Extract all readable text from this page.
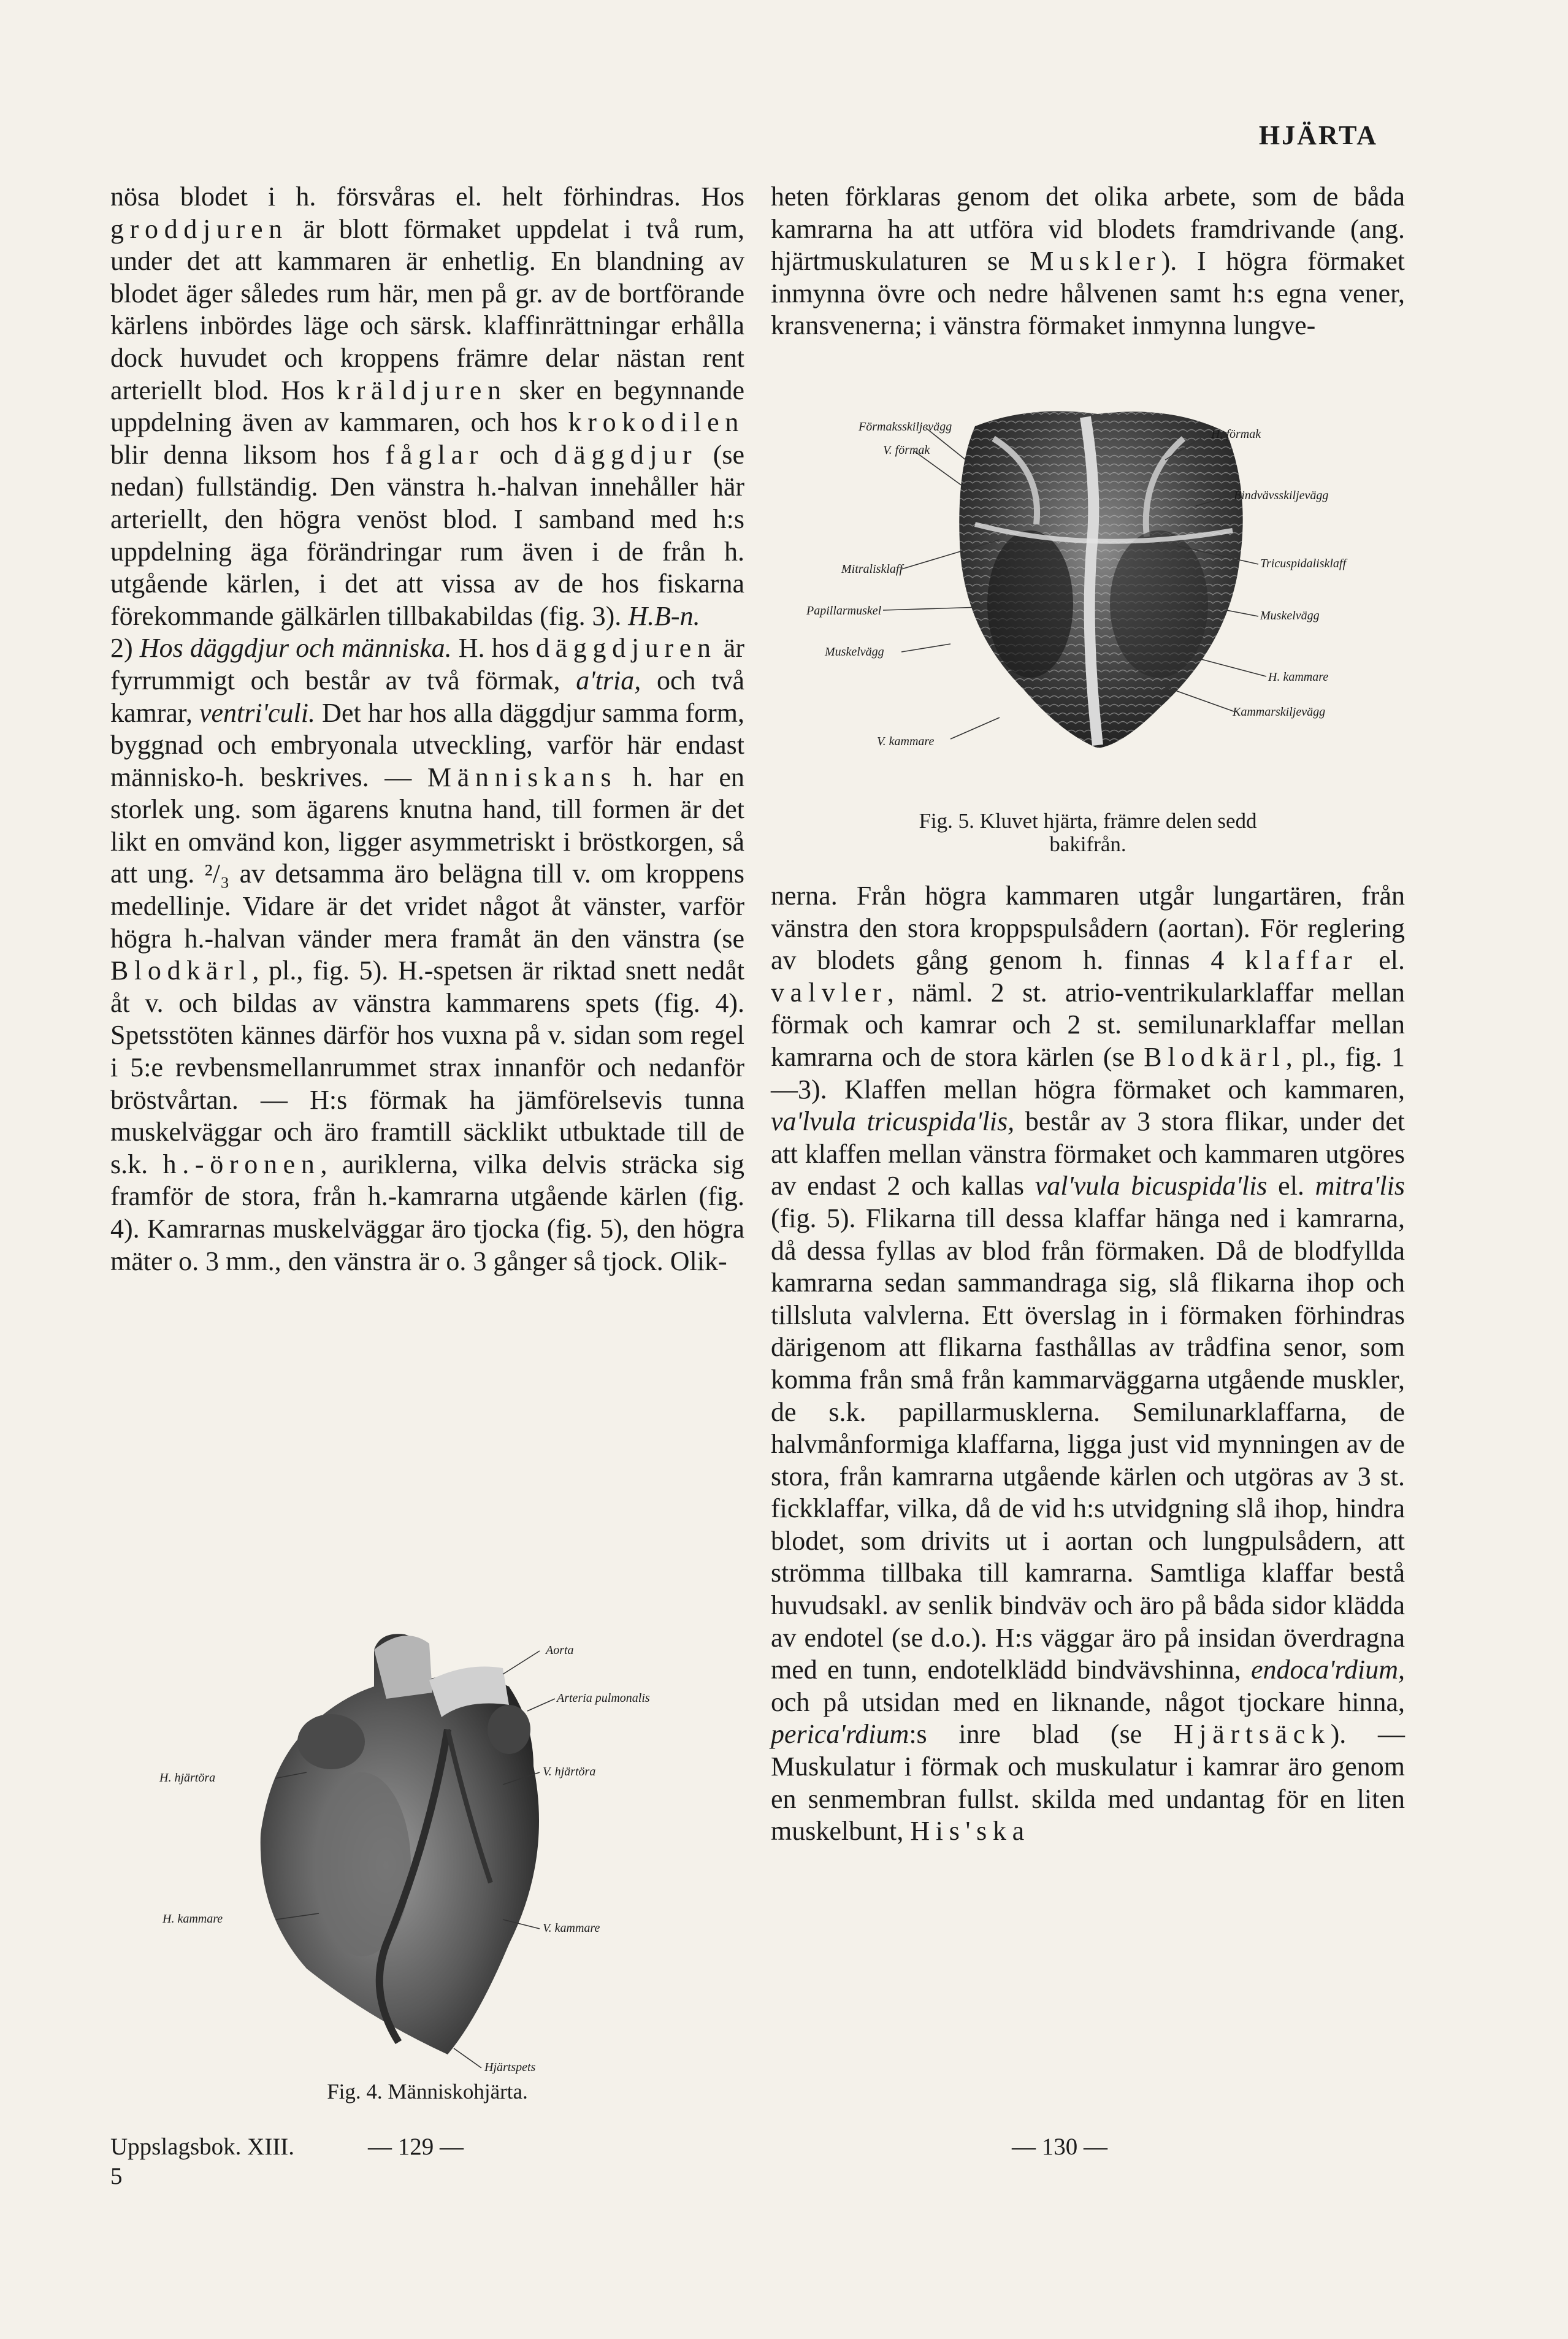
HJÄRTA

nösa blodet i h. försvåras el. helt förhindras. Hos groddjuren är blott förmaket uppdelat i två rum, under det att kammaren är enhetlig. En blandning av blodet äger således rum här, men på gr. av de bortförande kärlens inbördes läge och särsk. klaffinrättningar erhålla dock huvudet och kroppens främre delar nästan rent arteriellt blod. Hos kräldjuren sker en begynnande uppdelning även av kammaren, och hos krokodilen blir denna liksom hos fåglar och däggdjur (se nedan) fullständig. Den vänstra h.-halvan innehåller här arteriellt, den högra venöst blod. I samband med h:s uppdelning äga förändringar rum även i de från h. utgående kärlen, i det att vissa av de hos fiskarna förekommande gälkärlen tillbakabildas (fig. 3). H.B-n.

2) Hos däggdjur och människa. H. hos däggdjuren är fyrrummigt och består av två förmak, a'tria, och två kamrar, ventri'culi. Det har hos alla däggdjur samma form, byggnad och embryonala utveckling, varför här endast människo-h. beskrives. — Människans h. har en storlek ung. som ägarens knutna hand, till formen är det likt en omvänd kon, ligger asymmetriskt i bröstkorgen, så att ung. ²/₃ av detsamma äro belägna till v. om kroppens medellinje. Vidare är det vridet något åt vänster, varför högra h.-halvan vänder mera framåt än den vänstra (se Blodkärl, pl., fig. 5). H.-spetsen är riktad snett nedåt åt v. och bildas av vänstra kammarens spets (fig. 4). Spetsstöten kännes därför hos vuxna på v. sidan som regel i 5:e revbensmellanrummet strax innanför och nedanför bröstvårtan. — H:s förmak ha jämförelsevis tunna muskelväggar och äro framtill säcklikt utbuktade till de s.k. h.-öronen, auriklerna, vilka delvis sträcka sig framför de stora, från h.-kamrarna utgående kärlen (fig. 4). Kamrarnas muskelväggar äro tjocka (fig. 5), den högra mäter o. 3 mm., den vänstra är o. 3 gånger så tjock. Olik-

heten förklaras genom det olika arbete, som de båda kamrarna ha att utföra vid blodets framdrivande (ang. hjärtmuskulaturen se Muskler). I högra förmaket inmynna övre och nedre hålvenen samt h:s egna vener, kransvenerna; i vänstra förmaket inmynna lungve-

nerna. Från högra kammaren utgår lungartären, från vänstra den stora kroppspulsådern (aortan). För reglering av blodets gång genom h. finnas 4 klaffar el. valvler, näml. 2 st. atrio-ventrikularklaffar mellan förmak och kamrar och 2 st. semilunarklaffar mellan kamrarna och de stora kärlen (se Blodkärl, pl., fig. 1—3). Klaffen mellan högra förmaket och kammaren, va'lvula tricuspida'lis, består av 3 stora flikar, under det att klaffen mellan vänstra förmaket och kammaren utgöres av endast 2 och kallas val'vula bicuspida'lis el. mitra'lis (fig. 5). Flikarna till dessa klaffar hänga ned i kamrarna, då dessa fyllas av blod från förmaken. Då de blodfyllda kamrarna sedan sammandraga sig, slå flikarna ihop och tillsluta valvlerna. Ett överslag in i förmaken förhindras därigenom att flikarna fasthållas av trådfina senor, som komma från små från kammarväggarna utgående muskler, de s.k. papillarmusklerna. Semilunarklaffarna, de halvmånformiga klaffarna, ligga just vid mynningen av de stora, från kamrarna utgående kärlen och utgöras av 3 st. fickklaffar, vilka, då de vid h:s utvidgning slå ihop, hindra blodet, som drivits ut i aortan och lungpulsådern, att strömma tillbaka till kamrarna. Samtliga klaffar bestå huvudsakl. av senlik bindväv och äro på båda sidor klädda av endotel (se d.o.). H:s väggar äro på insidan överdragna med en tunn, endotelklädd bindvävshinna, endoca'rdium, och på utsidan med en liknande, något tjockare hinna, perica'rdium:s inre blad (se Hjärtsäck). — Muskulatur i förmak och muskulatur i kamrar äro genom en senmembran fullst. skilda med undantag för en liten muskelbunt, His'ska

Förmaksskiljevägg
V. förmak
H. förmak
Bindvävsskiljevägg
Mitralisklaff	Tricuspidalisklaff
Papillarmuskel	Muskelvägg
Muskelvägg
H. kammare
Kammarskiljevägg
V. kammare
Fig. 5. Kluvet hjärta, främre delen sedd
bakifrån.
Aorta
Arteria pulmonalis
H. hjärtöra	V. hjärtöra
H. kammare
V. kammare
Hjärtspets
Fig. 4. Människohjärta.
Uppslagsbok. XIII.
5
— 129 —	— 130 —
